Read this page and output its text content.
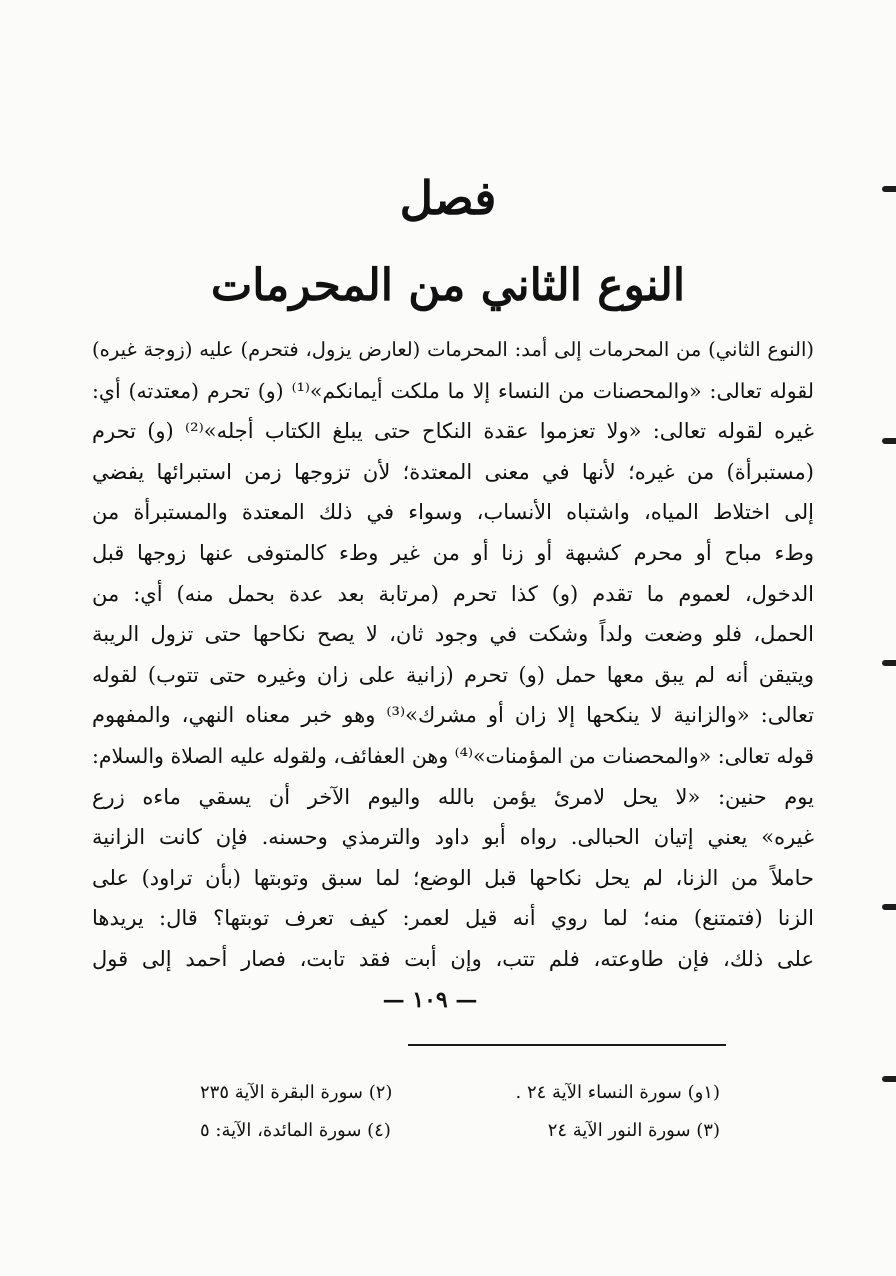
فصل
النوع الثاني من المحرمات
(النوع الثاني) من المحرمات إلى أمد: المحرمات (لعارض يزول، فتحرم) عليه (زوجة غيره)
لقوله تعالى: «والمحصنات من النساء إلا ما ملكت أيمانكم»⁽¹⁾ (و) تحرم (معتدته) أي:
غيره لقوله تعالى: «ولا تعزموا عقدة النكاح حتى يبلغ الكتاب أجله»⁽²⁾ (و) تحرم
(مستبرأة) من غيره؛ لأنها في معنى المعتدة؛ لأن تزوجها زمن استبرائها يفضي
إلى اختلاط المياه، واشتباه الأنساب، وسواء في ذلك المعتدة والمستبرأة من
وطء مباح أو محرم كشبهة أو زنا أو من غير وطء كالمتوفى عنها زوجها قبل
الدخول، لعموم ما تقدم (و) كذا تحرم (مرتابة بعد عدة بحمل منه) أي: من
الحمل، فلو وضعت ولداً وشكت في وجود ثان، لا يصح نكاحها حتى تزول الريبة
ويتيقن أنه لم يبق معها حمل (و) تحرم (زانية على زان وغيره حتى تتوب) لقوله
تعالى: «والزانية لا ينكحها إلا زان أو مشرك»⁽³⁾ وهو خبر معناه النهي، والمفهوم
قوله تعالى: «والمحصنات من المؤمنات»⁽⁴⁾ وهن العفائف، ولقوله عليه الصلاة والسلام:
يوم حنين: «لا يحل لامرئ يؤمن بالله واليوم الآخر أن يسقي ماءه زرع
غيره» يعني إتيان الحبالى. رواه أبو داود والترمذي وحسنه. فإن كانت الزانية
حاملاً من الزنا، لم يحل نكاحها قبل الوضع؛ لما سبق وتوبتها (بأن تراود) على
الزنا (فتمتنع) منه؛ لما روي أنه قيل لعمر: كيف تعرف توبتها؟ قال: يريدها
على ذلك، فإن طاوعته، فلم تتب، وإن أبت فقد تابت، فصار أحمد إلى قول
(١و) سورة النساء الآية ٢٤ .
(٢) سورة البقرة الآية ٢٣٥
(٣) سورة النور الآية ٢٤
(٤) سورة المائدة، الآية: ٥
— ١٠٩ —
